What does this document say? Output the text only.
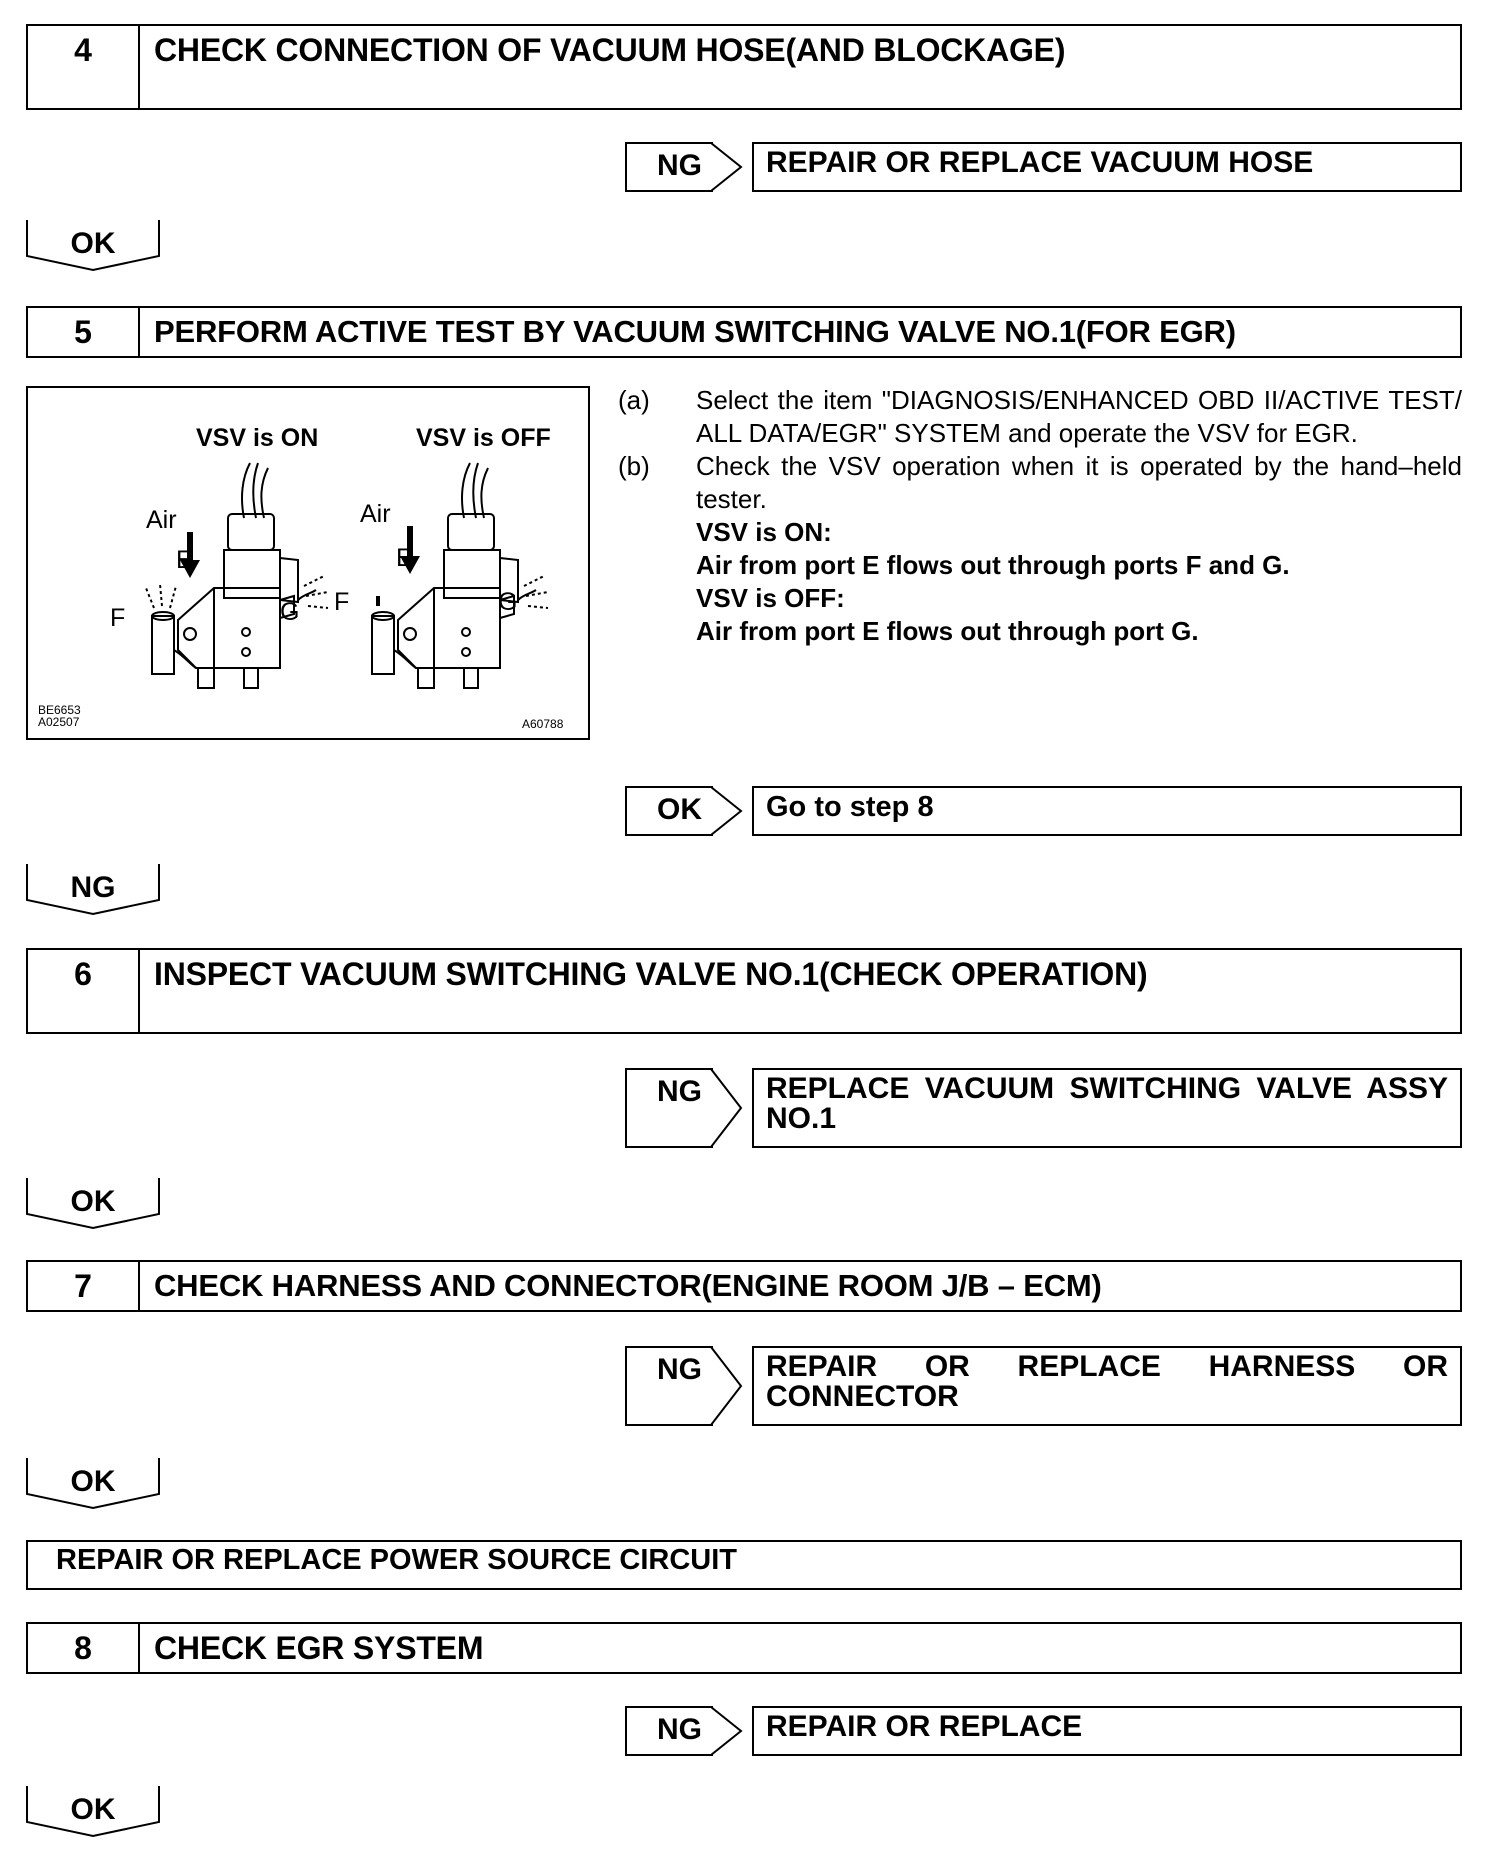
4	CHECK CONNECTION OF VACUUM HOSE(AND BLOCKAGE)
NG	REPAIR OR REPLACE VACUUM HOSE
OK
5	PERFORM ACTIVE TEST BY VACUUM SWITCHING VALVE NO.1(FOR EGR)
VSV is ON	VSV is OFF
Air
E
F	G
Air
E
F	G
BE6653
A02507	A60788
(a)	Select the item "DIAGNOSIS/ENHANCED OBD II/ACTIVE TEST/ALL DATA/EGR" SYSTEM and operate the VSV for EGR.
(b)	Check the VSV operation when it is operated by the hand–held tester.
VSV is ON:
Air from port E flows out through ports F and G.
VSV is OFF:
Air from port E flows out through port G.
OK	Go to step 8
NG
6	INSPECT VACUUM SWITCHING VALVE NO.1(CHECK OPERATION)
NG	REPLACE VACUUM SWITCHING VALVE ASSY NO.1
OK
7	CHECK HARNESS AND CONNECTOR(ENGINE ROOM J/B – ECM)
NG	REPAIR OR REPLACE HARNESS OR CONNECTOR
OK
REPAIR OR REPLACE POWER SOURCE CIRCUIT
8	CHECK EGR SYSTEM
NG	REPAIR OR REPLACE
OK
